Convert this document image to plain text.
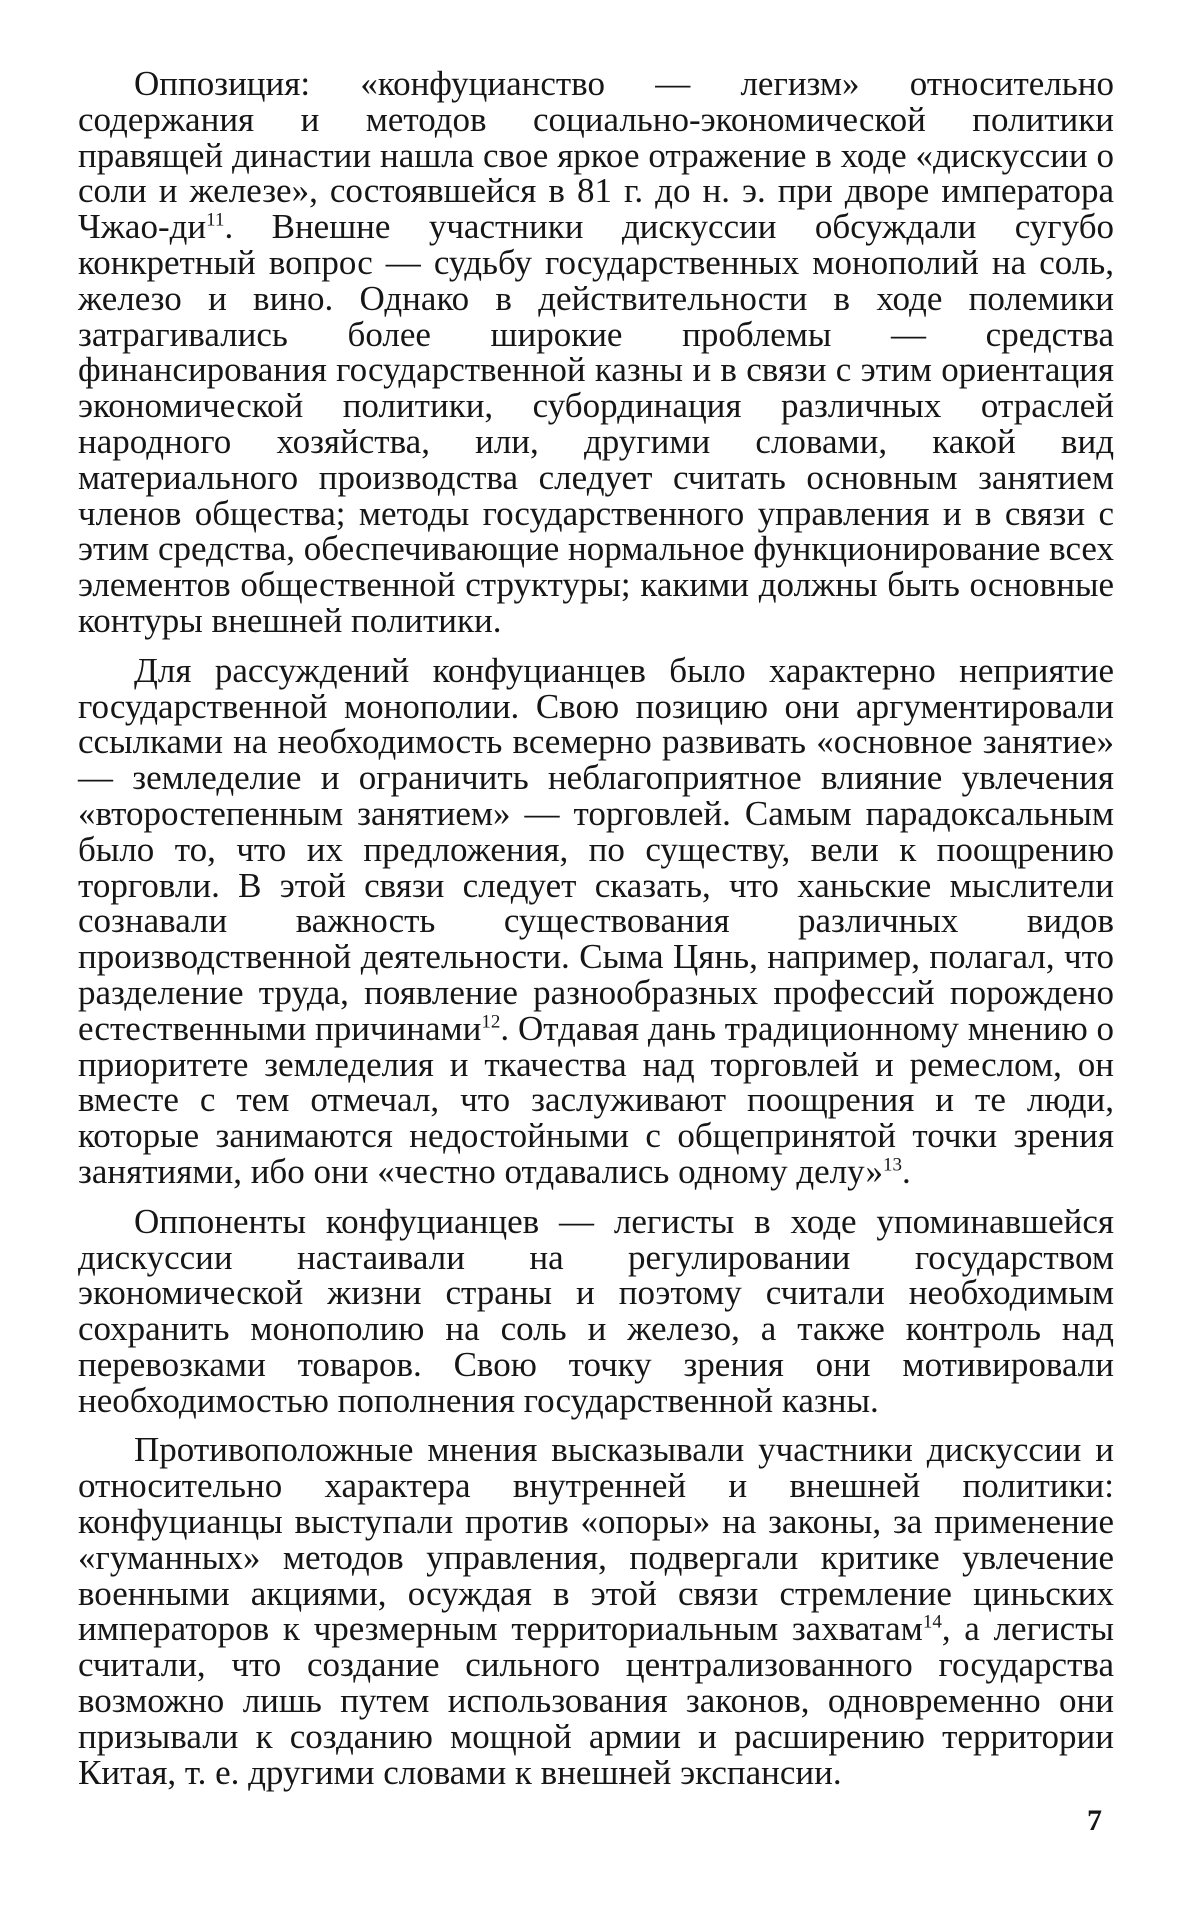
Оппозиция: «конфуцианство — легизм» относительно содержания и методов социально-экономической политики правящей династии нашла свое яркое отражение в ходе «дискуссии о соли и железе», состоявшейся в 81 г. до н. э. при дворе императора Чжао-$ди^{11}$. Внешне участники дискуссии обсуждали сугубо конкретный вопрос — судьбу государственных монополий на соль, железо и вино. Однако в действительности в ходе полемики затрагивались более широкие проблемы — средства финансирования государственной казны и в связи с этим ориентация экономической политики, субординация различных отраслей народного хозяйства, или, другими словами, какой вид материального производства следует считать основным занятием членов общества; методы государственного управления и в связи с этим средства, обеспечивающие нормальное функционирование всех элементов общественной структуры; какими должны быть основные контуры внешней политики.

Для рассуждений конфуцианцев было характерно неприятие государственной монополии. Свою позицию они аргументировали ссылками на необходимость всемерно развивать «основное занятие» — земледелие и ограничить неблагоприятное влияние увлечения «второстепенным занятием» — торговлей. Самым парадоксальным было то, что их предложения, по существу, вели к поощрению торговли. В этой связи следует сказать, что ханьские мыслители сознавали важность существования различных видов производственной деятельности. Сыма Цянь, например, полагал, что разделение труда, появление разнообразных профессий порождено естественными причинами$^{12}$. Отдавая дань традиционному мнению о приоритете земледелия и ткачества над торговлей и ремеслом, он вместе с тем отмечал, что заслуживают поощрения и те люди, которые занимаются недостойными с общепринятой точки зрения занятиями, ибо они «честно отдавались одному делу»$^{13}$.

Оппоненты конфуцианцев — легисты в ходе упоминавшейся дискуссии настаивали на регулировании государством экономической жизни страны и поэтому считали необходимым сохранить монополию на соль и железо, а также контроль над перевозками товаров. Свою точку зрения они мотивировали необходимостью пополнения государственной казны.

Противоположные мнения высказывали участники дискуссии и относительно характера внутренней и внешней политики: конфуцианцы выступали против «опоры» на законы, за применение «гуманных» методов управления, подвергали критике увлечение военными акциями, осуждая в этой связи стремление циньских императоров к чрезмерным территориальным захватам$^{14}$, а легисты считали, что создание сильного централизованного государства возможно лишь путем использования законов, одновременно они призывали к созданию мощной армии и расширению территории Китая, т. е. другими словами к внешней экспансии.

7
